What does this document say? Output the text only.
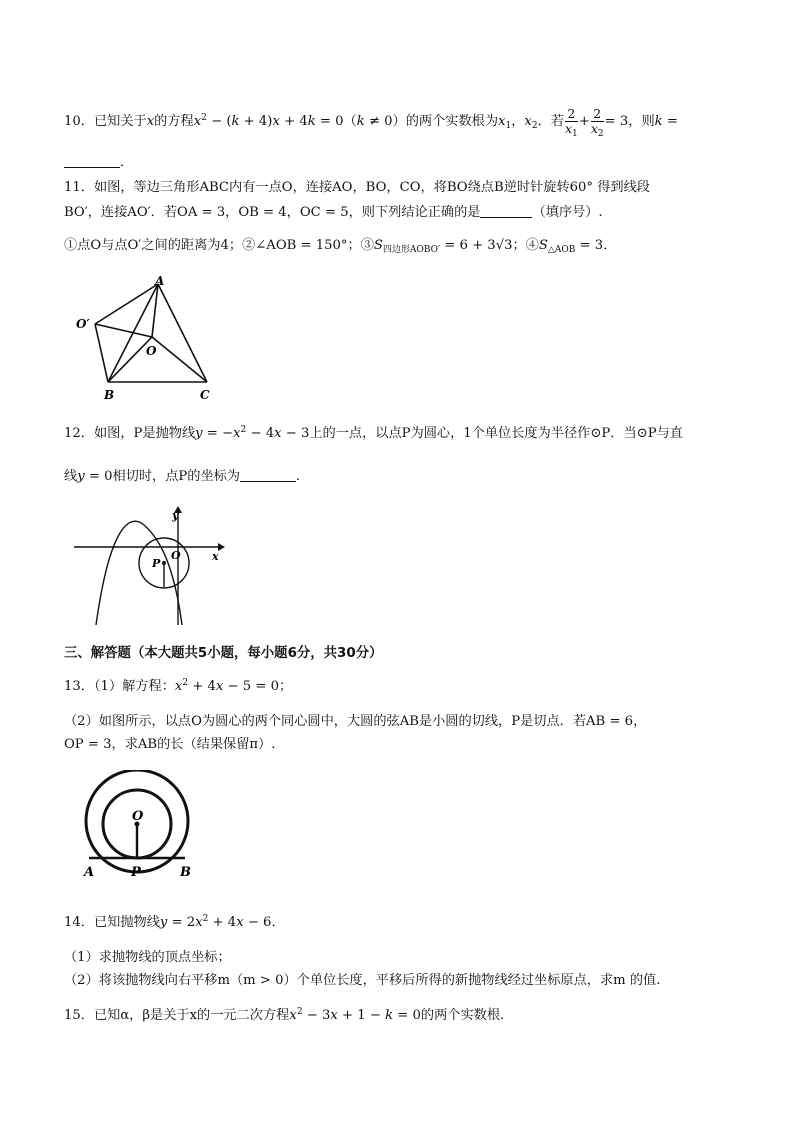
10．已知关于x的方程$x^2 - (k + 4)x + 4k = 0(k \ne 0)$的两个实数根为$x_1$，$x_2$．若 $\frac{2}{x_1} + \frac{2}{x_2} = 3$，则k =
．
11．如图，等边三角形ABC内有一点O，连接AO，BO，CO，将BO绕点B逆时针旋转60° 得到线段
BO′，连接AO′．若OA = 3，OB = 4，OC = 5，则下列结论正确的是	（填序号）.
①点O与点O′之间的距离为4；②∠AOB = 150°；$③S_{四边形AOBO'} = 6 + 3√3$；$④S_{\triangle AOB} = 3$．
A
B	C
O
O′
12．如图，P是抛物线$y = -x^2 - 4x - 3$上的一点，以点P为圆心，1个单位长度为半径作⊙P．当⊙P与直
线y = 0相切时，点P的坐标为	．
y
x
O
P
三、解答题（本大题共5小题，每小题6分，共30分）
13．（1）解方程：$x^2 + 4x - 5 = 0$；
（2）如图所示，以点O为圆心的两个同心圆中，大圆的弦AB是小圆的切线，P是切点．若AB = 6，
OP = 3，求AB的长（结果保留π）.
O
A	P	B
14．已知抛物线$y = 2x^2 + 4x - 6$．
（1）求抛物线的顶点坐标；
（2）将该抛物线向右平移m（m > 0）个单位长度，平移后所得的新抛物线经过坐标原点，求m 的值.
15．已知α，β是关于x的一元二次方程$x^2 - 3x + 1 - k = 0$的两个实数根．
